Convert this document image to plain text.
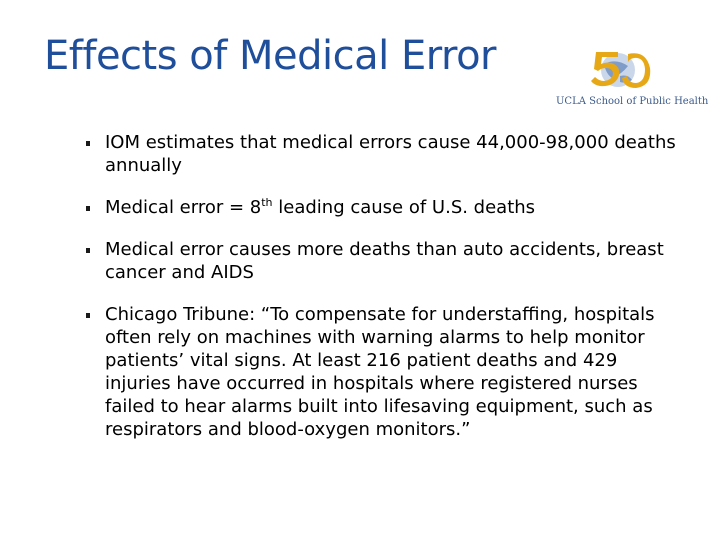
Effects of Medical Error
UCLA School of Public Health
IOM estimates that medical errors cause 44,000-98,000 deaths annually
Medical error = 8th leading cause of U.S. deaths
Medical error causes more deaths than auto accidents, breast cancer and AIDS
Chicago Tribune: “To compensate for understaffing, hospitals often rely on machines with warning alarms to help monitor patients’ vital signs. At least 216 patient deaths and 429 injuries have occurred in hospitals where registered nurses failed to hear alarms built into lifesaving equipment, such as respirators and blood-oxygen monitors.”
